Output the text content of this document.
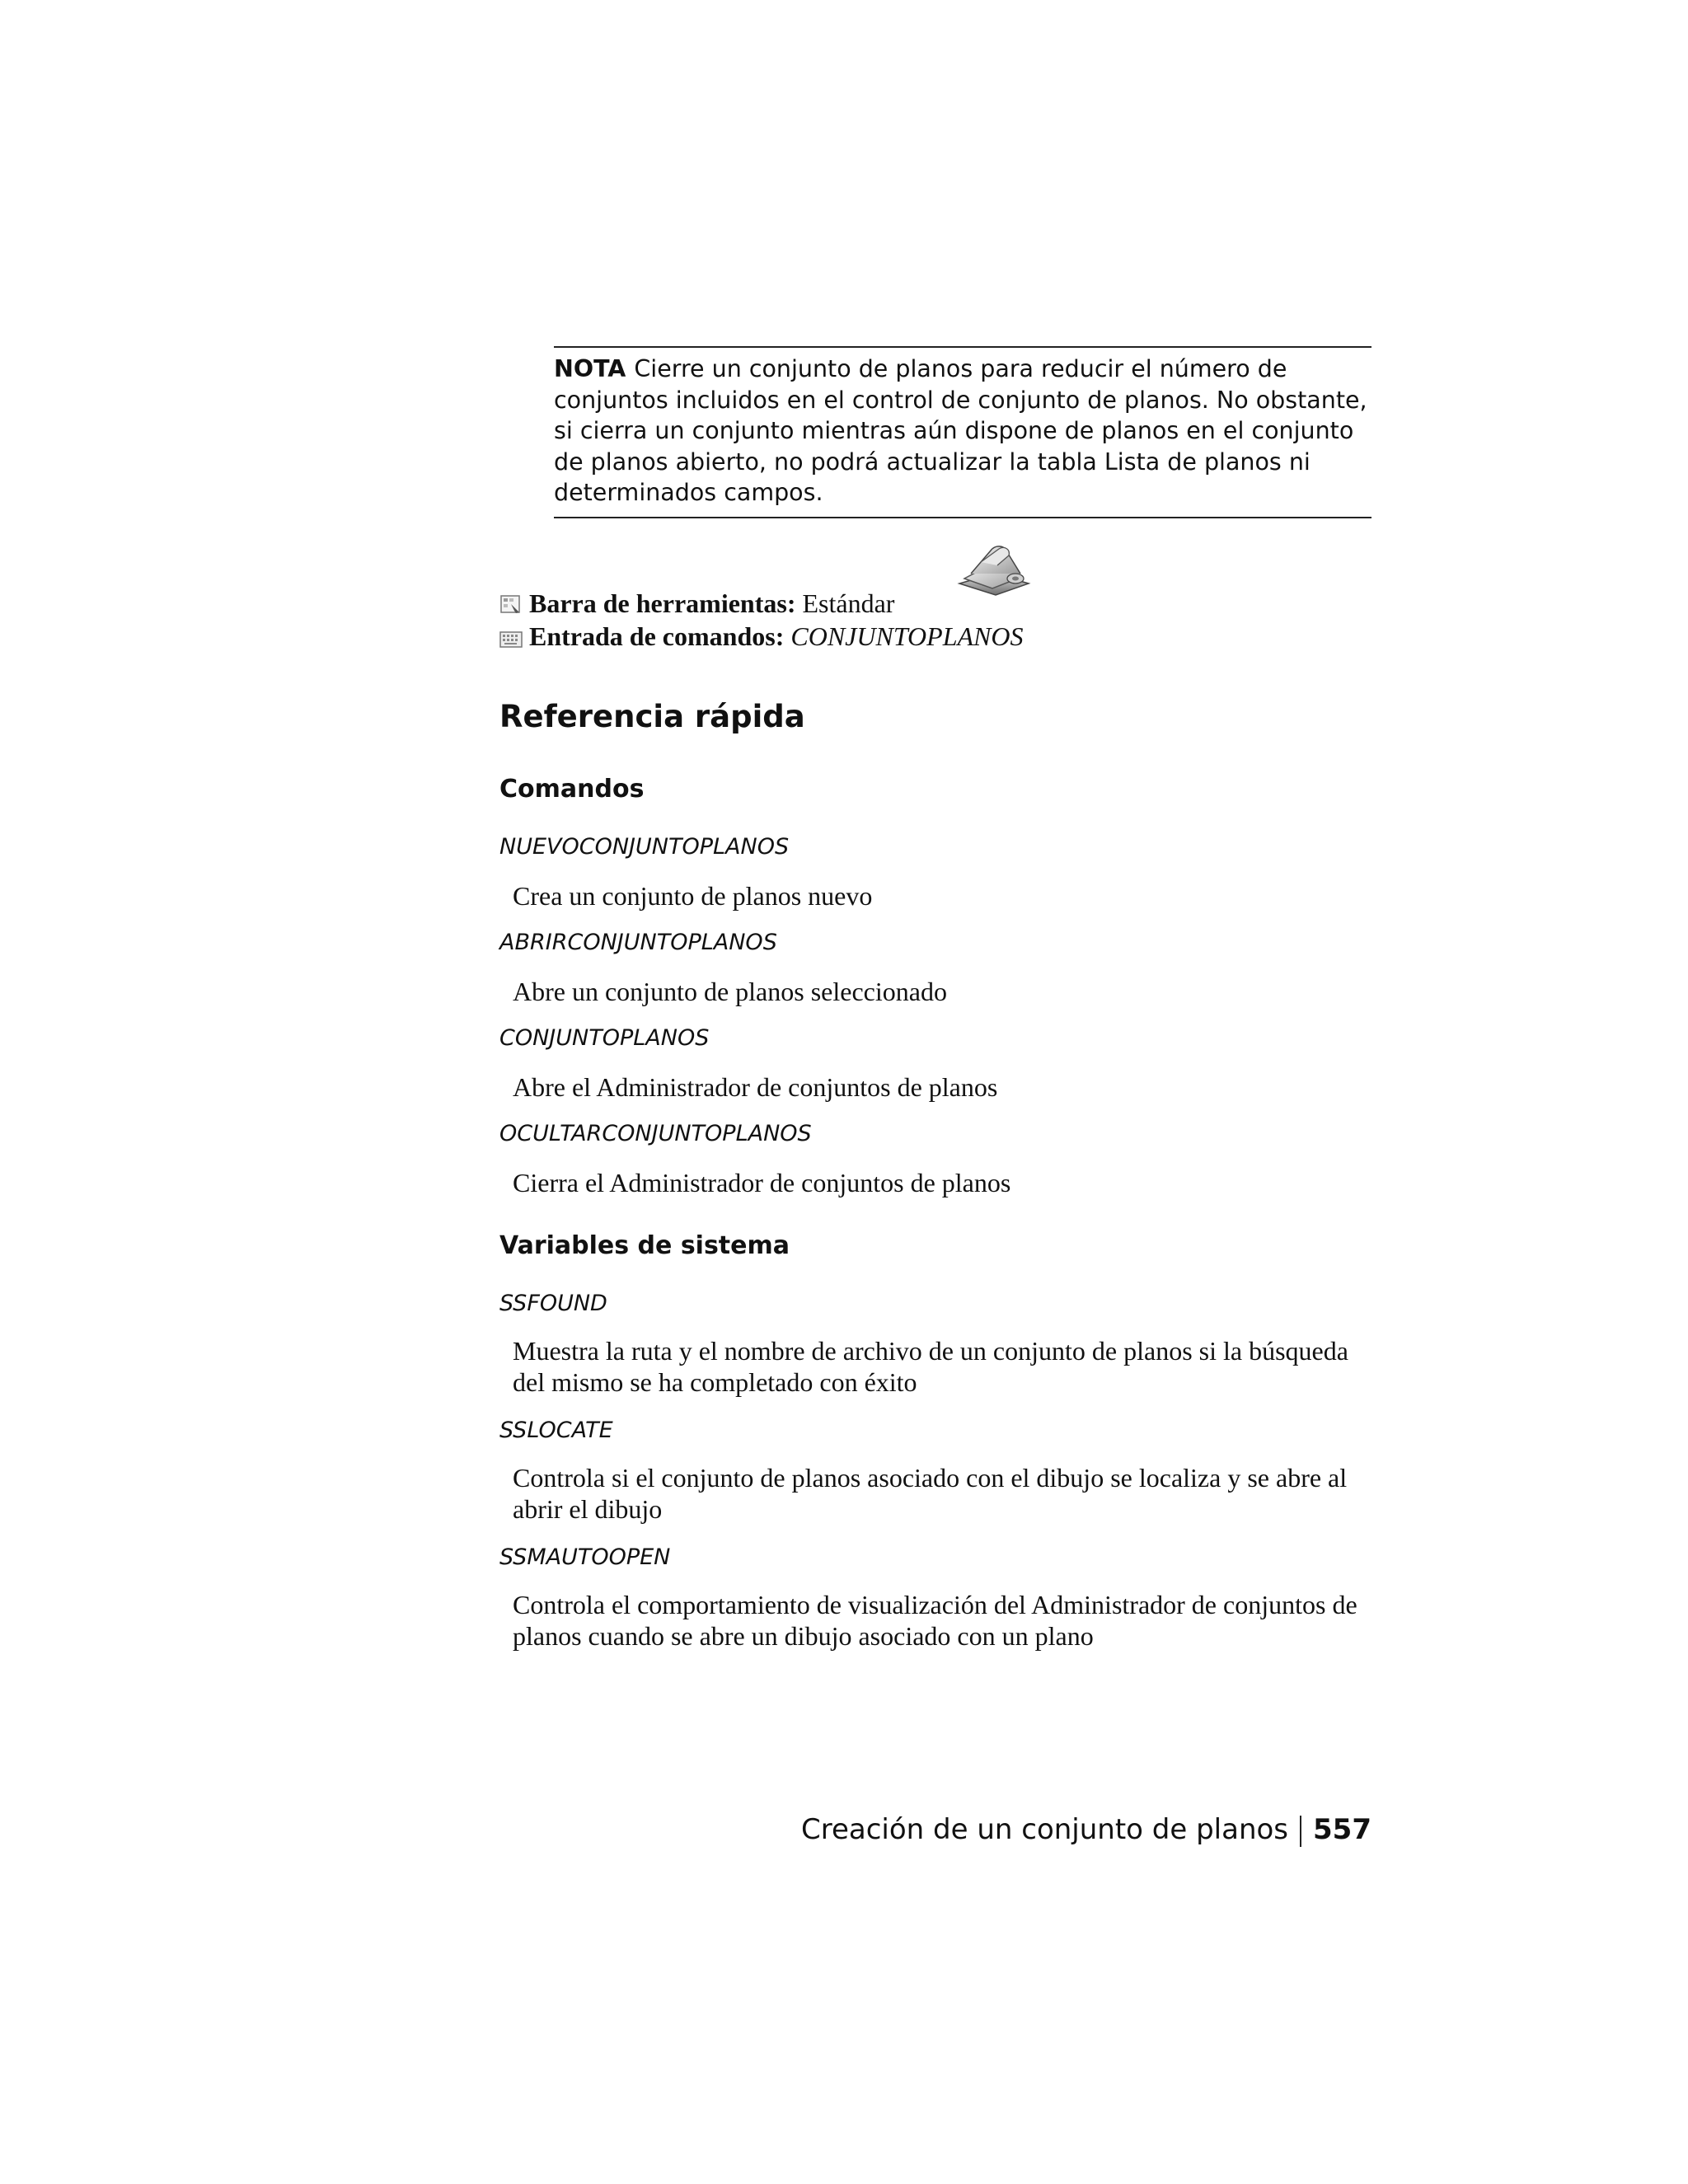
NOTA Cierre un conjunto de planos para reducir el número de conjuntos incluidos en el control de conjunto de planos. No obstante, si cierra un conjunto mientras aún dispone de planos en el conjunto de planos abierto, no podrá actualizar la tabla Lista de planos ni determinados campos.
Barra de herramientas: Estándar
Entrada de comandos: CONJUNTOPLANOS
Referencia rápida
Comandos
NUEVOCONJUNTOPLANOS
Crea un conjunto de planos nuevo
ABRIRCONJUNTOPLANOS
Abre un conjunto de planos seleccionado
CONJUNTOPLANOS
Abre el Administrador de conjuntos de planos
OCULTARCONJUNTOPLANOS
Cierra el Administrador de conjuntos de planos
Variables de sistema
SSFOUND
Muestra la ruta y el nombre de archivo de un conjunto de planos si la búsqueda del mismo se ha completado con éxito
SSLOCATE
Controla si el conjunto de planos asociado con el dibujo se localiza y se abre al abrir el dibujo
SSMAUTOOPEN
Controla el comportamiento de visualización del Administrador de conjuntos de planos cuando se abre un dibujo asociado con un plano
Creación de un conjunto de planos 557
